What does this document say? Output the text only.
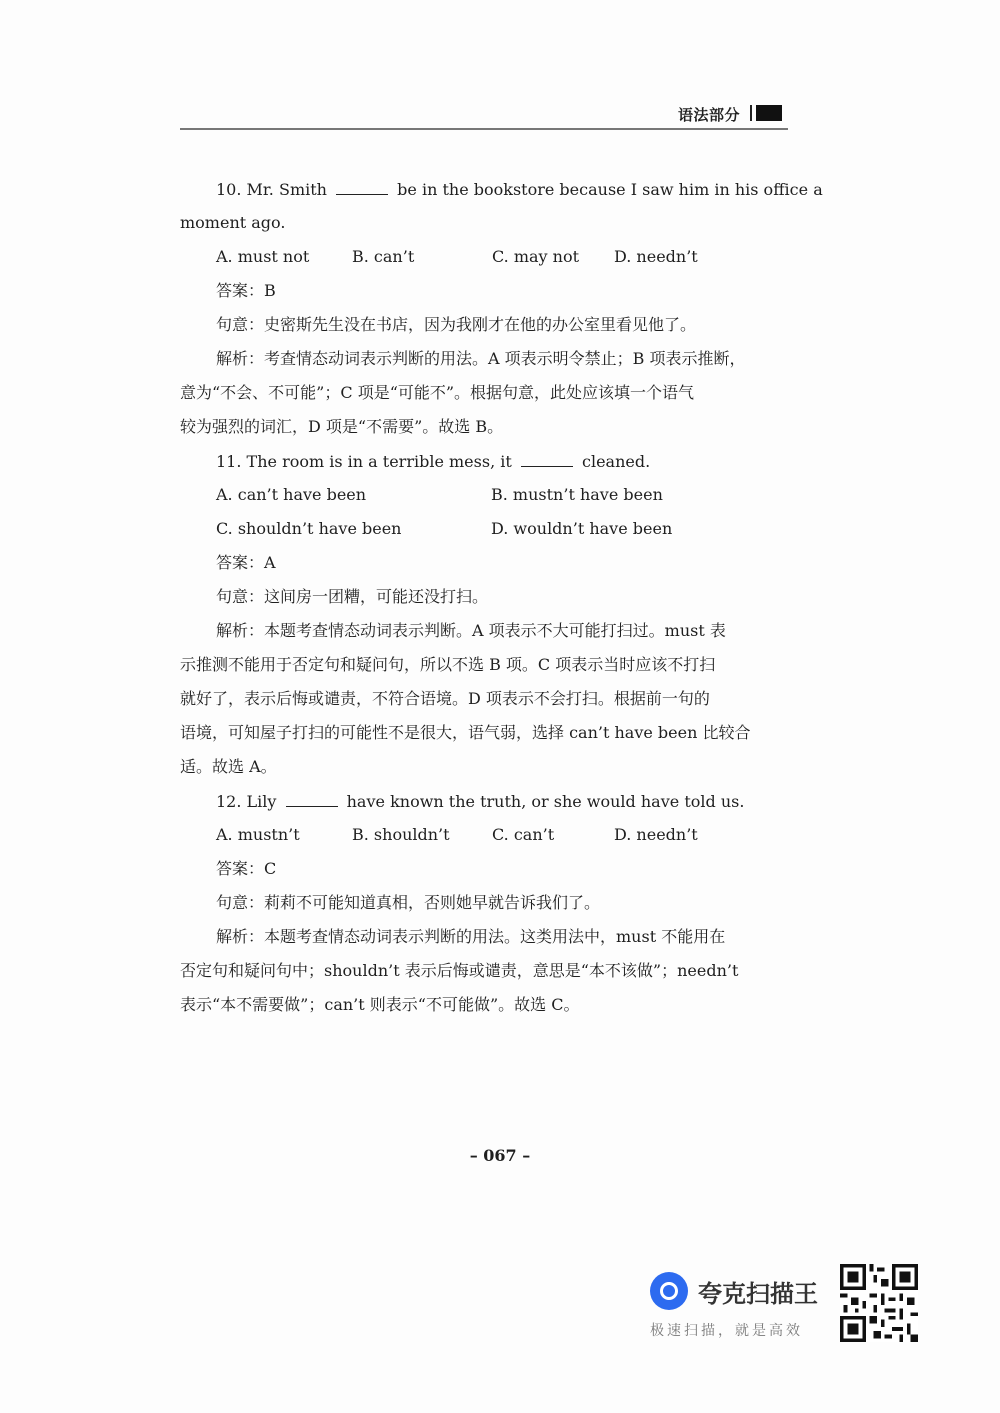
语法部分
10. Mr. Smith	be in the bookstore because I saw him in his office a
moment ago.
A. must not	B. can’t	C. may not	D. needn’t
答案：B
句意：史密斯先生没在书店，因为我刚才在他的办公室里看见他了。
解析：考查情态动词表示判断的用法。A 项表示明令禁止；B 项表示推断，
意为“不会、不可能”；C 项是“可能不”。根据句意，此处应该填一个语气
较为强烈的词汇，D 项是“不需要”。故选 B。
11. The room is in a terrible mess, it	cleaned.
A. can’t have been	B. mustn’t have been
C. shouldn’t have been	D. wouldn’t have been
答案：A
句意：这间房一团糟，可能还没打扫。
解析：本题考查情态动词表示判断。A 项表示不大可能打扫过。must 表
示推测不能用于否定句和疑问句，所以不选 B 项。C 项表示当时应该不打扫
就好了，表示后悔或谴责，不符合语境。D 项表示不会打扫。根据前一句的
语境，可知屋子打扫的可能性不是很大，语气弱，选择 can’t have been 比较合
适。故选 A。
12. Lily	have known the truth, or she would have told us.
A. mustn’t	B. shouldn’t	C. can’t	D. needn’t
答案：C
句意：莉莉不可能知道真相，否则她早就告诉我们了。
解析：本题考查情态动词表示判断的用法。这类用法中，must 不能用在
否定句和疑问句中；shouldn’t 表示后悔或谴责，意思是“本不该做”；needn’t
表示“本不需要做”；can’t 则表示“不可能做”。故选 C。
– 067 –
夸克扫描王
极速扫描，就是高效
